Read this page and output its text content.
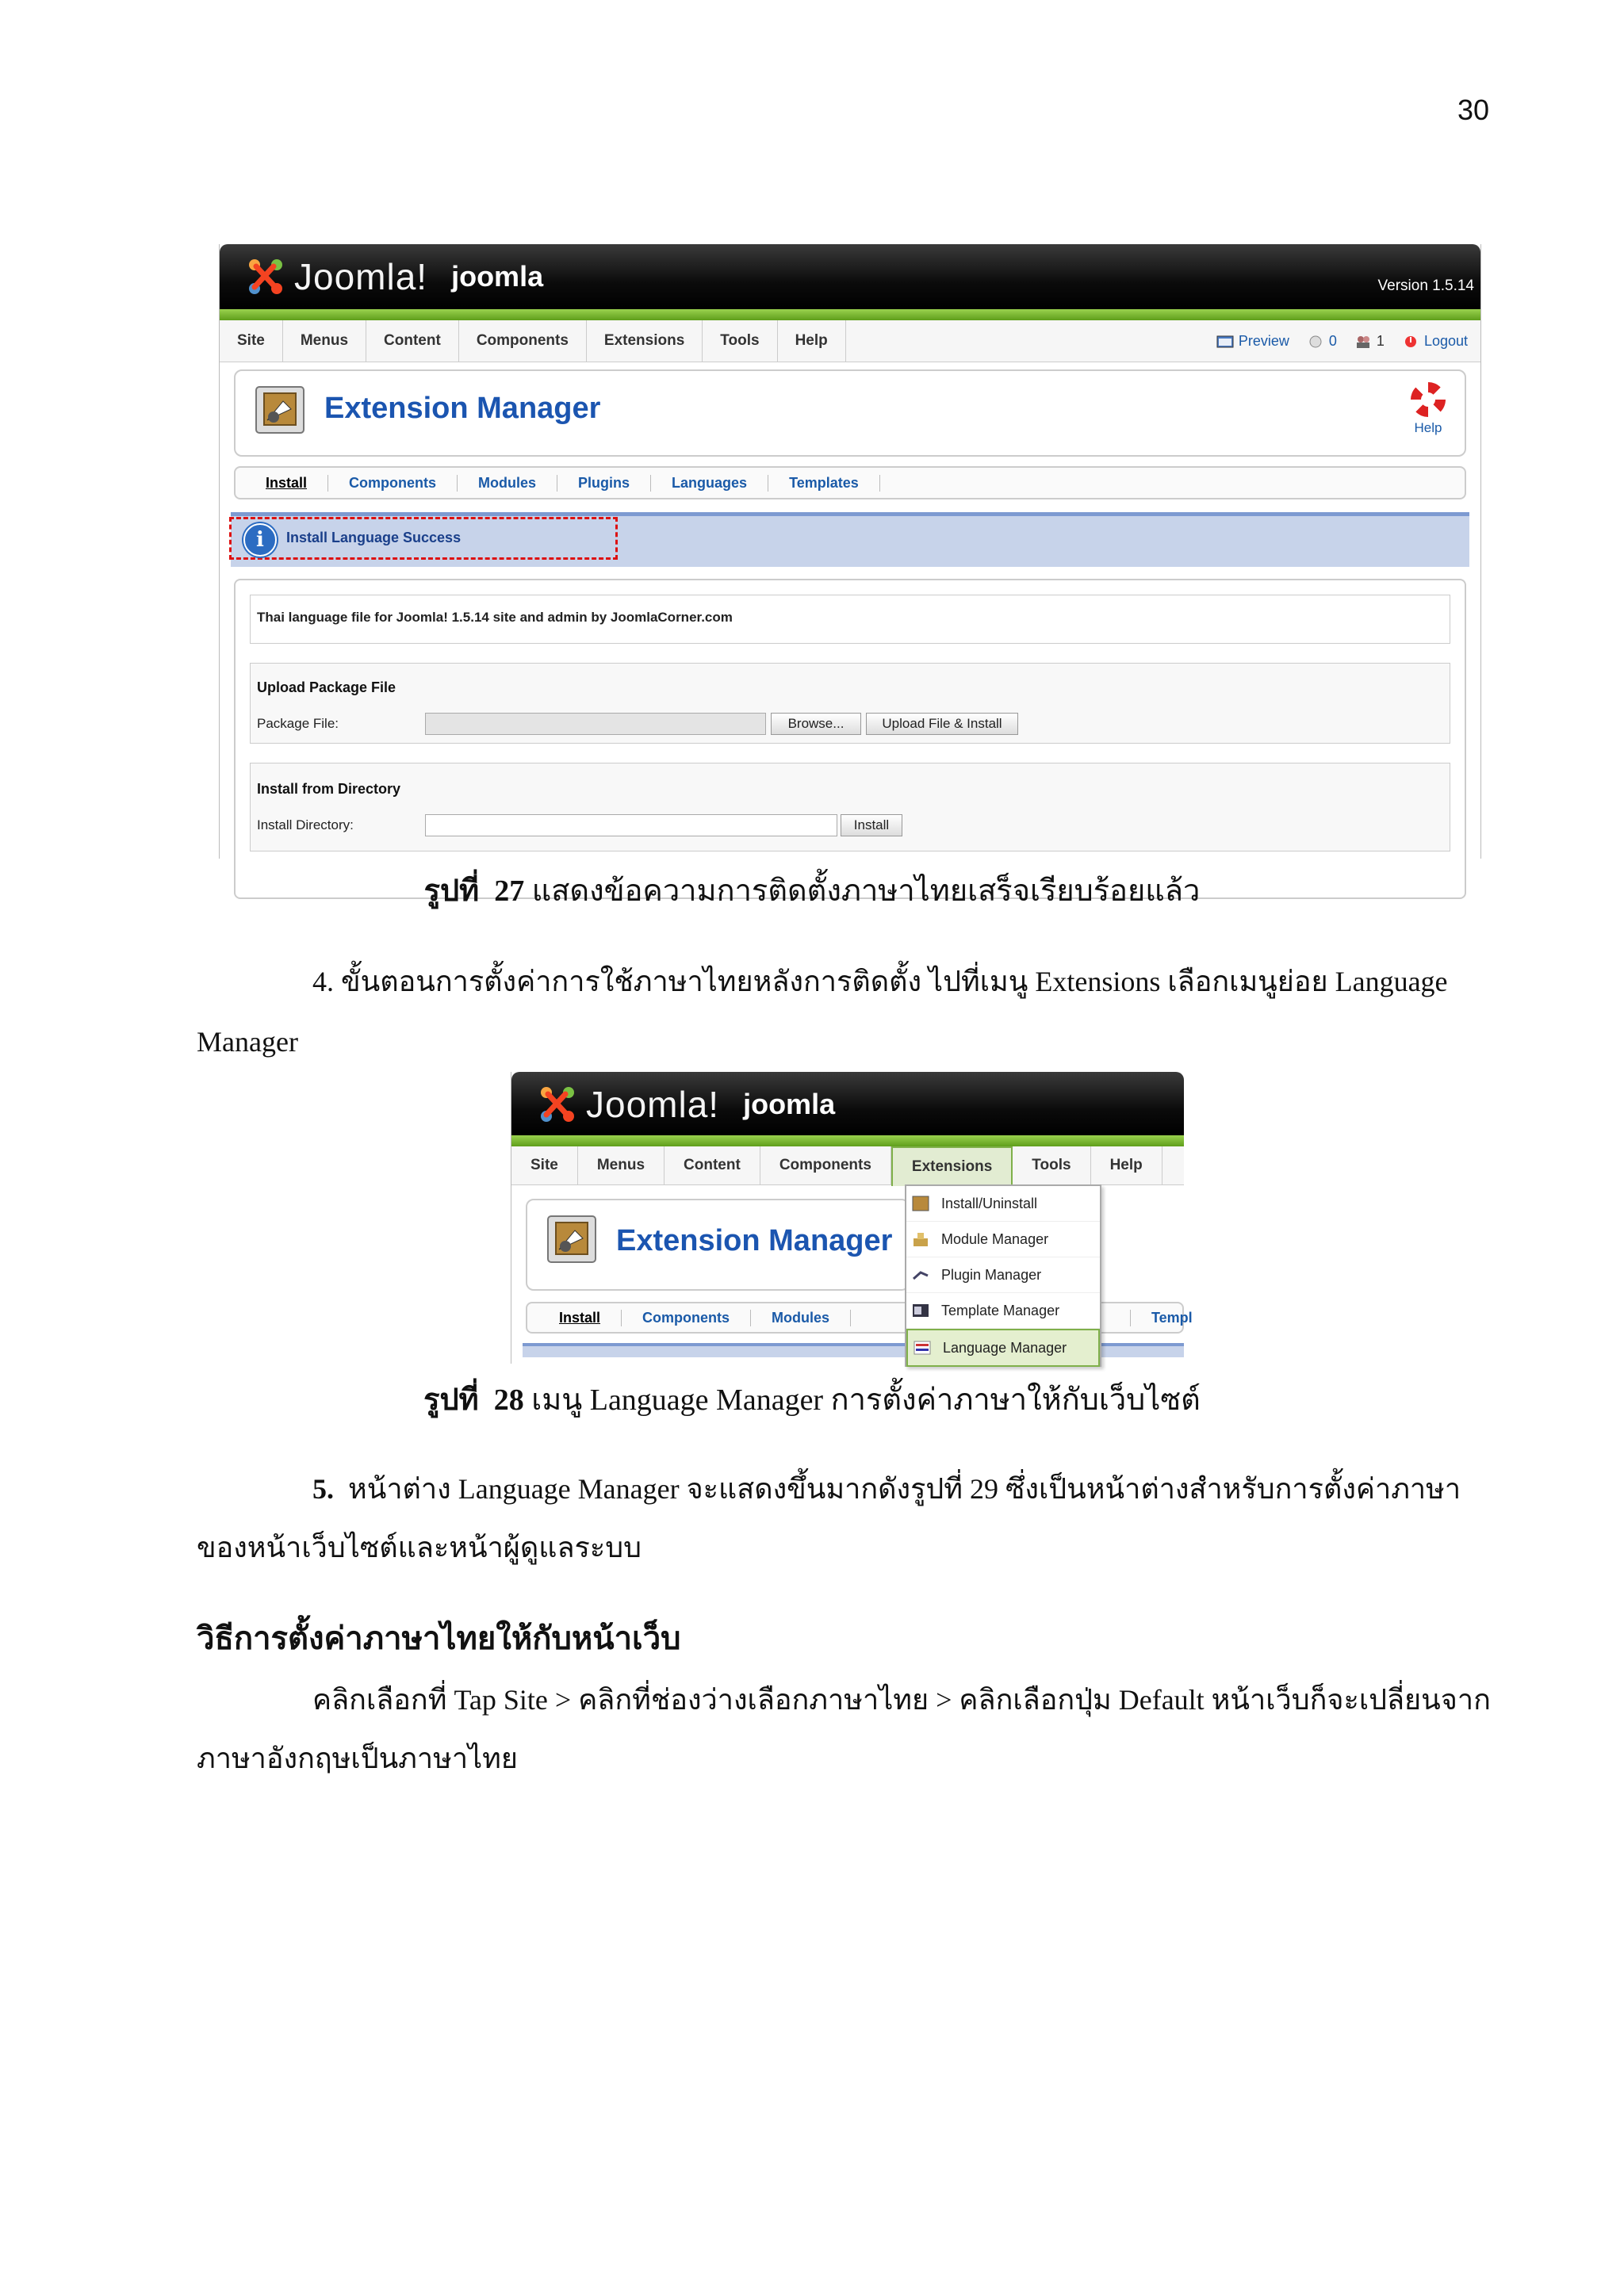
30
Joomla! joomla	Version 1.5.14
Site	Menus	Content	Components	Extensions	Tools	Help	Preview	0	1	Logout
Extension Manager
Help
Install	Components	Modules	Plugins	Languages	Templates
i	Install Language Success
Thai language file for Joomla! 1.5.14 site and admin by JoomlaCorner.com
Upload Package File
Package File:	Browse...	Upload File & Install
Install from Directory
Install Directory:	Install
รูปที่ 27 แสดงข้อความการติดตั้งภาษาไทยเสร็จเรียบร้อยแล้ว
4. ขั้นตอนการตั้งค่าการใช้ภาษาไทยหลังการติดตั้ง ไปที่เมนู Extensions เลือกเมนูย่อย Language
Manager
Joomla! joomla
Site	Menus	Content	Components	Extensions	Tools	Help
Extension Manager
Install	Components	Modules	Templ
Install/Uninstall
Module Manager
Plugin Manager
Template Manager
Language Manager
รูปที่ 28 เมนู Language Manager การตั้งค่าภาษาให้กับเว็บไซต์
5. หน้าต่าง Language Manager จะแสดงขึ้นมากดังรูปที่ 29 ซึ่งเป็นหน้าต่างสำหรับการตั้งค่าภาษา
ของหน้าเว็บไซต์และหน้าผู้ดูแลระบบ
วิธีการตั้งค่าภาษาไทยให้กับหน้าเว็บ
คลิกเลือกที่ Tap Site > คลิกที่ช่องว่างเลือกภาษาไทย > คลิกเลือกปุ่ม Default หน้าเว็บก็จะเปลี่ยนจาก
ภาษาอังกฤษเป็นภาษาไทย
